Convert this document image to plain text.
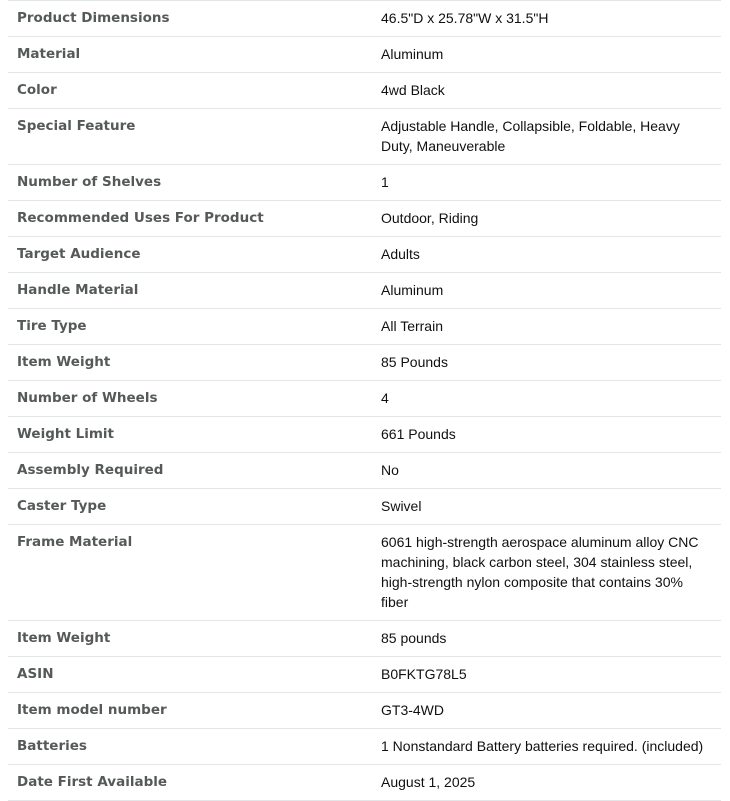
Product Dimensions	46.5"D x 25.78"W x 31.5"H
Material	Aluminum
Color	4wd Black
Special Feature	Adjustable Handle, Collapsible, Foldable, Heavy Duty, Maneuverable
Number of Shelves	1
Recommended Uses For Product	Outdoor, Riding
Target Audience	Adults
Handle Material	Aluminum
Tire Type	All Terrain
Item Weight	85 Pounds
Number of Wheels	4
Weight Limit	661 Pounds
Assembly Required	No
Caster Type	Swivel
Frame Material	6061 high-strength aerospace aluminum alloy CNC machining, black carbon steel, 304 stainless steel, high-strength nylon composite that contains 30% fiber
Item Weight	85 pounds
ASIN	B0FKTG78L5
Item model number	GT3-4WD
Batteries	1 Nonstandard Battery batteries required. (included)
Date First Available	August 1, 2025
